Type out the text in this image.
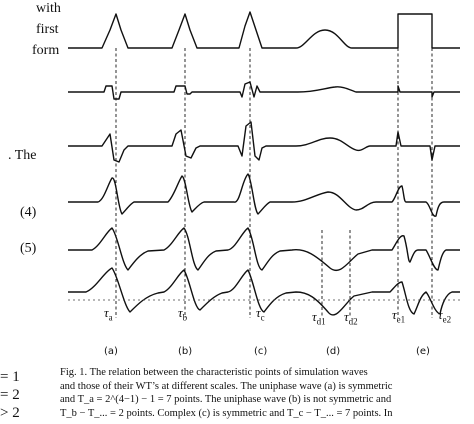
with
first
form
. The
(4)
(5)
= 1
= 2
> 2
$\tau_a$	$\tau_b$	$\tau_c$	$\tau_{d1}$ $\tau_{d2}$	$\tau_{e1}$	$\tau_{e2}$
(a)	(b)	(c)	(d)	(e)

Fig. 1. The relation between the characteristic points of simulation waves

and those of their WT’s at different scales. The uniphase wave (a) is symmetric

and T_a = 2^(4−1) − 1 = 7 points. The uniphase wave (b) is not symmetric and

T_b − T_... = 2 points. Complex (c) is symmetric and T_c − T_... = 7 points. In
